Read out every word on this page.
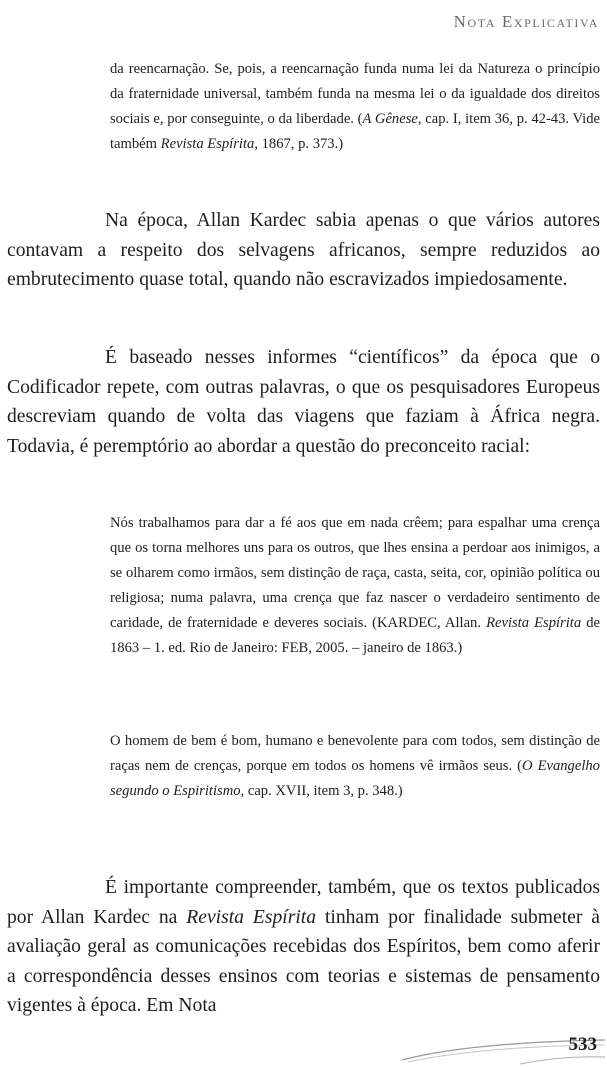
Nota Explicativa

da reencarnação. Se, pois, a reencarnação funda numa lei da Natureza o princípio da fraternidade universal, também funda na mesma lei o da igualdade dos direitos sociais e, por conseguinte, o da liberdade. (A Gênese, cap. I, item 36, p. 42-43. Vide também Revista Espírita, 1867, p. 373.)

Na época, Allan Kardec sabia apenas o que vários autores contavam a respeito dos selvagens africanos, sempre reduzidos ao embrutecimento quase total, quando não escravizados impiedosamente.

É baseado nesses informes “científicos” da época que o Codificador repete, com outras palavras, o que os pesquisadores Europeus descreviam quando de volta das viagens que faziam à África negra. Todavia, é peremptório ao abordar a questão do preconceito racial:

Nós trabalhamos para dar a fé aos que em nada crêem; para espalhar uma crença que os torna melhores uns para os outros, que lhes ensina a perdoar aos inimigos, a se olharem como irmãos, sem distinção de raça, casta, seita, cor, opinião política ou religiosa; numa palavra, uma crença que faz nascer o verdadeiro sentimento de caridade, de fraternidade e deveres sociais. (KARDEC, Allan. Revista Espírita de 1863 – 1. ed. Rio de Janeiro: FEB, 2005. – janeiro de 1863.)

O homem de bem é bom, humano e benevolente para com todos, sem distinção de raças nem de crenças, porque em todos os homens vê irmãos seus. (O Evangelho segundo o Espiritismo, cap. XVII, item 3, p. 348.)

É importante compreender, também, que os textos publicados por Allan Kardec na Revista Espírita tinham por finalidade submeter à avaliação geral as comunicações recebidas dos Espíritos, bem como aferir a correspondência desses ensinos com teorias e sistemas de pensamento vigentes à época. Em Nota

533
